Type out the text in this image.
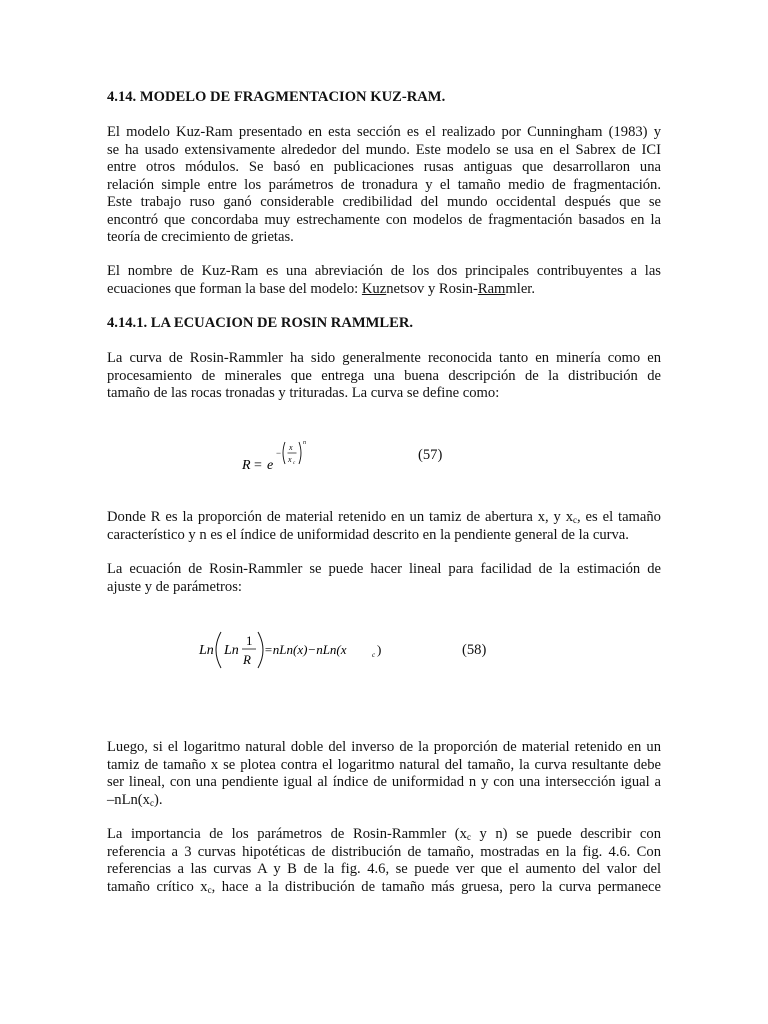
4.14. MODELO DE FRAGMENTACION KUZ-RAM.
El modelo Kuz-Ram presentado en esta sección es el realizado por Cunningham (1983) y
se ha usado extensivamente alrededor del mundo. Este modelo se usa en el Sabrex de ICI
entre otros módulos. Se basó en publicaciones rusas antiguas que desarrollaron una
relación simple entre los parámetros de tronadura y el tamaño medio de fragmentación.
Este trabajo ruso ganó considerable credibilidad del mundo occidental después que se
encontró que concordaba muy estrechamente con modelos de fragmentación basados en la
teoría de crecimiento de grietas.
El nombre de Kuz-Ram es una abreviación de los dos principales contribuyentes a las
ecuaciones que forman la base del modelo: Kuznetsov y Rosin-Rammler.
4.14.1. LA ECUACION DE ROSIN RAMMLER.
La curva de Rosin-Rammler ha sido generalmente reconocida tanto en minería como en
procesamiento de minerales que entrega una buena descripción de la distribución de
tamaño de las rocas tronadas y trituradas. La curva se define como:
R = e
−
x
x c
n
(57)
Donde R es la proporción de material retenido en un tamiz de abertura x, y $x_c$, es el tamaño
característico y n es el índice de uniformidad descrito en la pendiente general de la curva.
La ecuación de Rosin-Rammler se puede hacer lineal para facilidad de la estimación de
ajuste y de parámetros:
Ln Ln
1
R
=nLn(x)−nLn(x	c )	(58)
Luego, si el logaritmo natural doble del inverso de la proporción de material retenido en un
tamiz de tamaño x se plotea contra el logaritmo natural del tamaño, la curva resultante debe
ser lineal, con una pendiente igual al índice de uniformidad n y con una intersección igual a
$-nLn(x_c)$.
La importancia de los parámetros de Rosin-Rammler ($x_c$ y n) se puede describir con
referencia a 3 curvas hipotéticas de distribución de tamaño, mostradas en la fig. 4.6. Con
referencias a las curvas A y B de la fig. 4.6, se puede ver que el aumento del valor del
tamaño crítico $x_c$, hace a la distribución de tamaño más gruesa, pero la curva permanece
